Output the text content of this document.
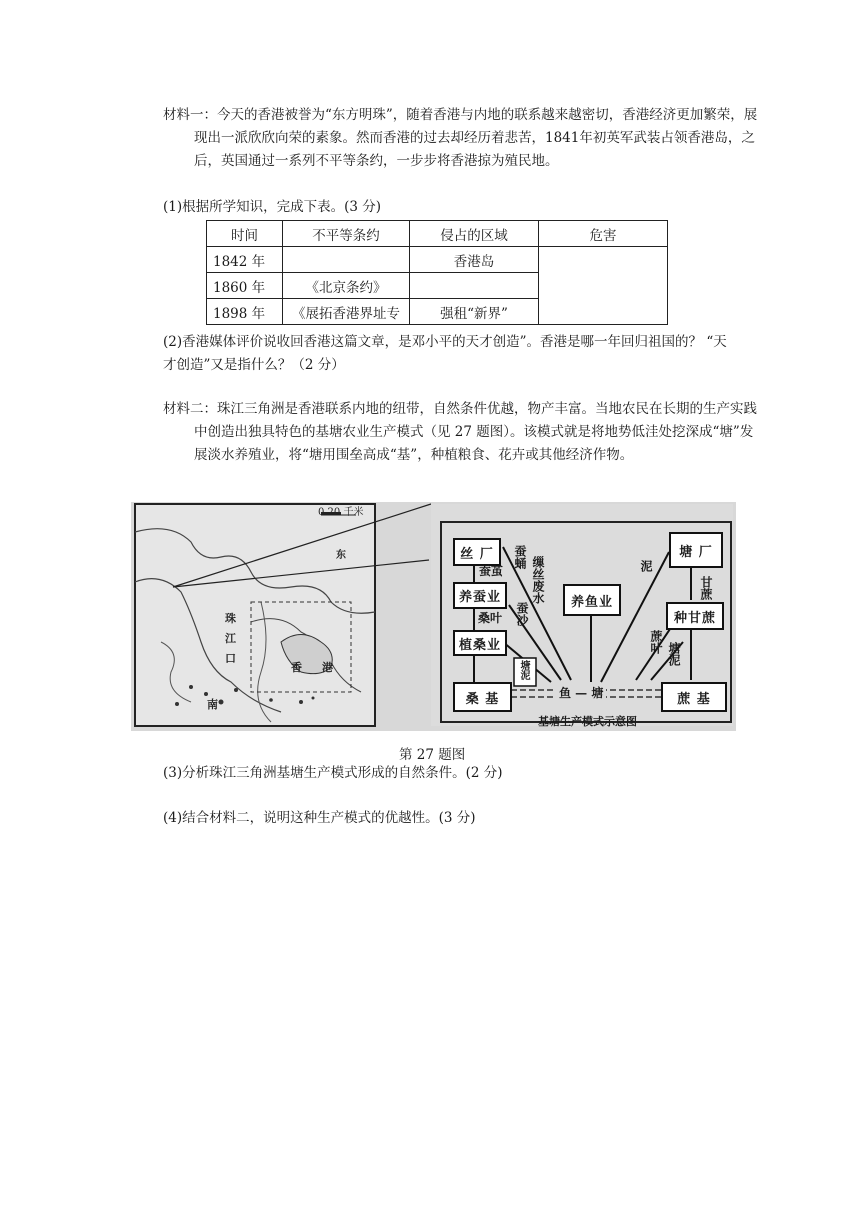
材料一：今天的香港被誉为“东方明珠”，随着香港与内地的联系越来越密切，香港经济更加繁荣，展现出一派欣欣向荣的素象。然而香港的过去却经历着悲苦，1841年初英军武装占领香港岛，之后，英国通过一系列不平等条约，一步步将香港掠为殖民地。
(1)根据所学知识，完成下表。(3 分)
时间	不平等条约	侵占的区域	危害
1842 年		香港岛	
1860 年	《北京条约》		
1898 年	《展拓香港界址专	强租“新界”	
(2)香港媒体评价说收回香港这篇文章，是邓小平的天才创造”。香港是哪一年回归祖国的？ “天才创造”又是指什么？（2 分）
材料二：珠江三角洲是香港联系内地的纽带，自然条件优越，物产丰富。当地农民在长期的生产实践中创造出独具特色的基塘农业生产模式（见 27 题图）。该模式就是将地势低洼处挖深成“塘”发展淡水养殖业，将“塘用围垒高成“基”，种植粮食、花卉或其他经济作物。
0 20 千米
东
珠
江
口
香 港
南
丝 厂
养蚕业
植桑业
桑 基
养鱼业
塘 厂
种甘蔗
蔗 基
鱼 — 塘
蚕茧
桑叶
蚕蛹 缫丝废水
蚕沙
塘泥
甘蔗
蔗叶 塘泥
泥
基塘生产模式示意图
第 27 题图
(3)分析珠江三角洲基塘生产模式形成的自然条件。(2 分)
(4)结合材料二，说明这种生产模式的优越性。(3 分)
